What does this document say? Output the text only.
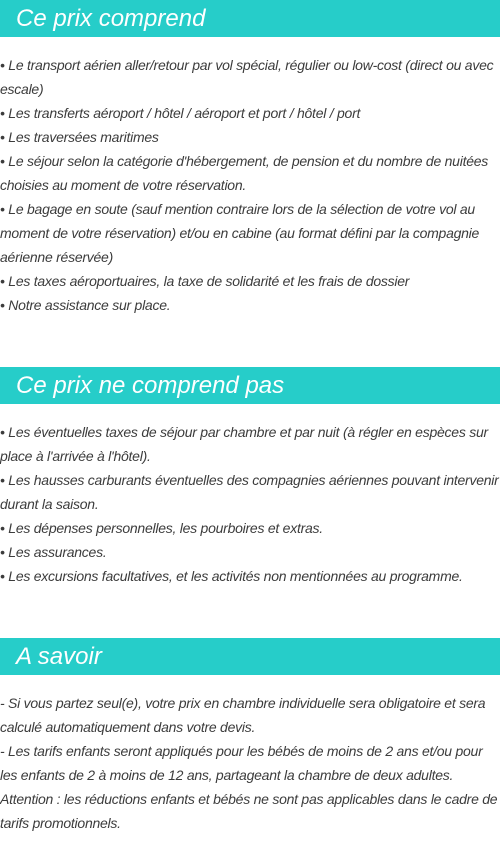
Ce prix comprend

• Le transport aérien aller/retour par vol spécial, régulier ou low-cost (direct ou avec escale)

• Les transferts aéroport / hôtel / aéroport et port / hôtel / port

• Les traversées maritimes

• Le séjour selon la catégorie d'hébergement, de pension et du nombre de nuitées choisies au moment de votre réservation.

• Le bagage en soute (sauf mention contraire lors de la sélection de votre vol au moment de votre réservation) et/ou en cabine (au format défini par la compagnie aérienne réservée)

• Les taxes aéroportuaires, la taxe de solidarité et les frais de dossier

• Notre assistance sur place.

Ce prix ne comprend pas

• Les éventuelles taxes de séjour par chambre et par nuit (à régler en espèces sur place à l'arrivée à l'hôtel).

• Les hausses carburants éventuelles des compagnies aériennes pouvant intervenir durant la saison.

• Les dépenses personnelles, les pourboires et extras.

• Les assurances.

• Les excursions facultatives, et les activités non mentionnées au programme.

A savoir

- Si vous partez seul(e), votre prix en chambre individuelle sera obligatoire et sera calculé automatiquement dans votre devis.

- Les tarifs enfants seront appliqués pour les bébés de moins de 2 ans et/ou pour les enfants de 2 à moins de 12 ans, partageant la chambre de deux adultes.

Attention : les réductions enfants et bébés ne sont pas applicables dans le cadre de tarifs promotionnels.
